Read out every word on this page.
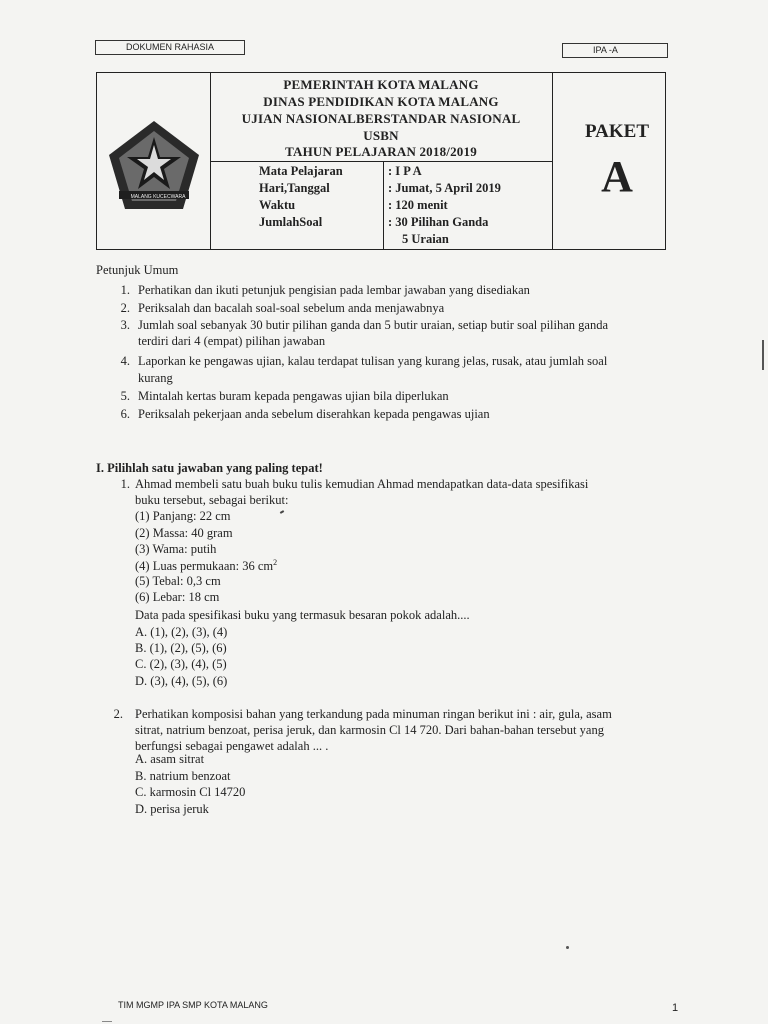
DOKUMEN RAHASIA	IPA -A
MALANG KUCECWARA
PEMERINTAH KOTA MALANG
DINAS PENDIDIKAN KOTA MALANG
UJIAN NASIONALBERSTANDAR NASIONAL
USBN
TAHUN PELAJARAN 2018/2019
Mata Pelajaran
Hari,Tanggal
Waktu
JumlahSoal
: I P A
: Jumat, 5 April 2019
: 120 menit
: 30 Pilihan Ganda
5 Uraian
PAKET
A
Petunjuk Umum
1. Perhatikan dan ikuti petunjuk pengisian pada lembar jawaban yang disediakan
2. Periksalah dan bacalah soal-soal sebelum anda menjawabnya
3. Jumlah soal sebanyak 30 butir pilihan ganda dan 5 butir uraian, setiap butir soal pilihan ganda
terdiri dari 4 (empat) pilihan jawaban
4. Laporkan ke pengawas ujian, kalau terdapat tulisan yang kurang jelas, rusak, atau jumlah soal
kurang
5. Mintalah kertas buram kepada pengawas ujian bila diperlukan
6. Periksalah pekerjaan anda sebelum diserahkan kepada pengawas ujian
I. Pilihlah satu jawaban yang paling tepat!
1. Ahmad membeli satu buah buku tulis kemudian Ahmad mendapatkan data-data spesifikasi
buku tersebut, sebagai berikut:
(1) Panjang: 22 cm
(2) Massa: 40 gram
(3) Wama: putih
(4) Luas permukaan: 36 $cm^2$
(5) Tebal: 0,3 cm
(6) Lebar: 18 cm
Data pada spesifikasi buku yang termasuk besaran pokok adalah....
A. (1), (2), (3), (4)
B. (1), (2), (5), (6)
C. (2), (3), (4), (5)
D. (3), (4), (5), (6)
2. Perhatikan komposisi bahan yang terkandung pada minuman ringan berikut ini : air, gula, asam
sitrat, natrium benzoat, perisa jeruk, dan karmosin Cl 14 720. Dari bahan-bahan tersebut yang
berfungsi sebagai pengawet adalah ... .
A. asam sitrat
B. natrium benzoat
C. karmosin Cl 14720
D. perisa jeruk
TIM MGMP IPA SMP KOTA MALANG	1
